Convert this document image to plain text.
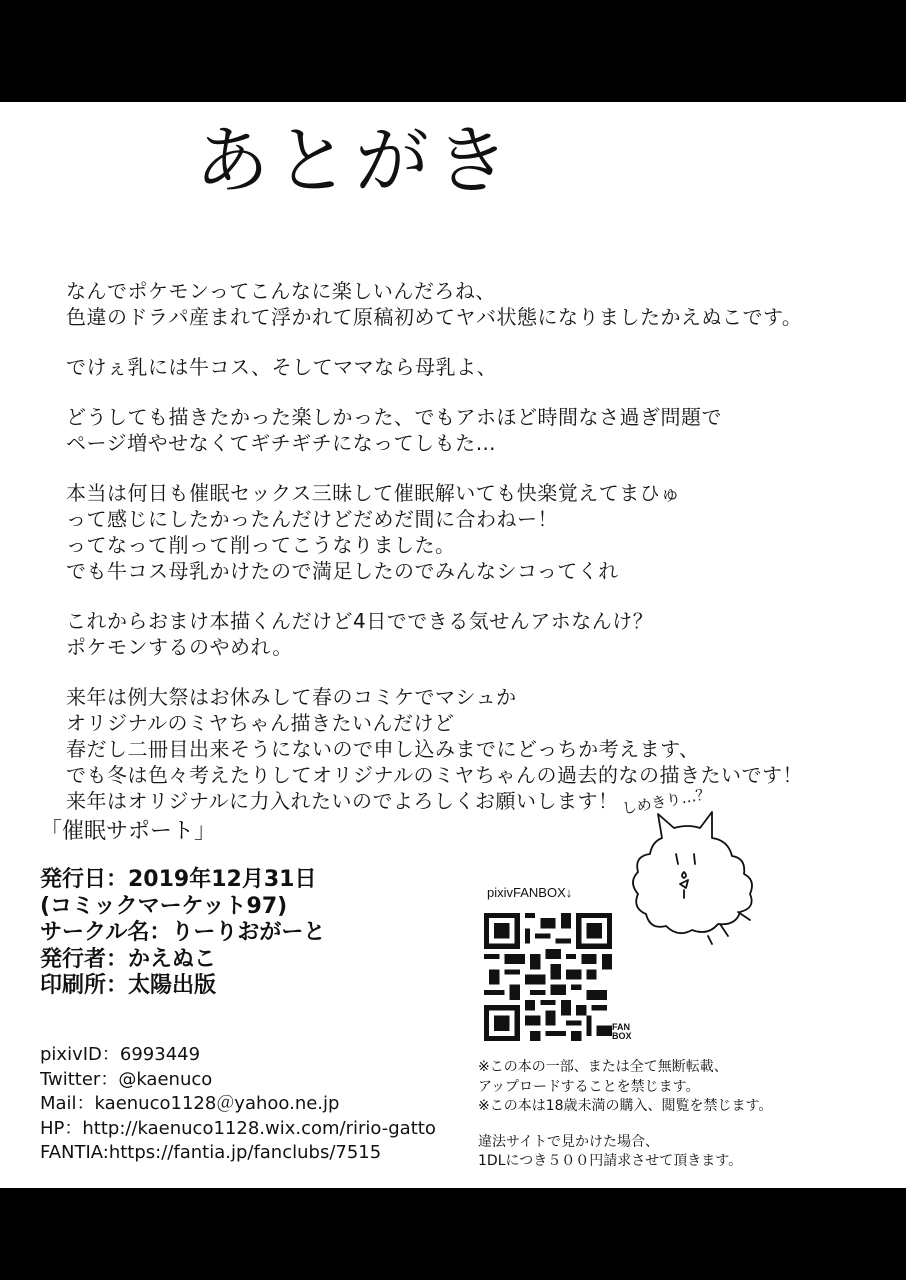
あとがき
なんでポケモンってこんなに楽しいんだろね、
色違のドラパ産まれて浮かれて原稿初めてヤバ状態になりましたかえぬこです。
でけぇ乳には牛コス、そしてママなら母乳よ、
どうしても描きたかった楽しかった、でもアホほど時間なさ過ぎ問題で
ページ増やせなくてギチギチになってしもた…
本当は何日も催眠セックス三昧して催眠解いても快楽覚えてまひゅ
って感じにしたかったんだけどだめだ間に合わねー！
ってなって削って削ってこうなりました。
でも牛コス母乳かけたので満足したのでみんなシコってくれ
これからおまけ本描くんだけど4日でできる気せんアホなんけ？
ポケモンするのやめれ。
来年は例大祭はお休みして春のコミケでマシュか
オリジナルのミヤちゃん描きたいんだけど
春だし二冊目出来そうにないので申し込みまでにどっちか考えます、
でも冬は色々考えたりしてオリジナルのミヤちゃんの過去的なの描きたいです！
来年はオリジナルに力入れたいのでよろしくお願いします！
「催眠サポート」
発行日：2019年12月31日
(コミックマーケット97)
サークル名：りーりおがーと
発行者：かえぬこ
印刷所：太陽出版
pixivID：6993449
Twitter：@kaenuco
Mail：kaenuco1128＠yahoo.ne.jp
HP：http://kaenuco1128.wix.com/ririo-gatto
FANTIA:https://fantia.jp/fanclubs/7515
pixivFANBOX↓
FAN
BOX
※この本の一部、または全て無断転載、
アップロードすることを禁じます。
※この本は18歳未満の購入、閲覧を禁じます。
違法サイトで見かけた場合、
1DLにつき５００円請求させて頂きます。
しめきり…？
